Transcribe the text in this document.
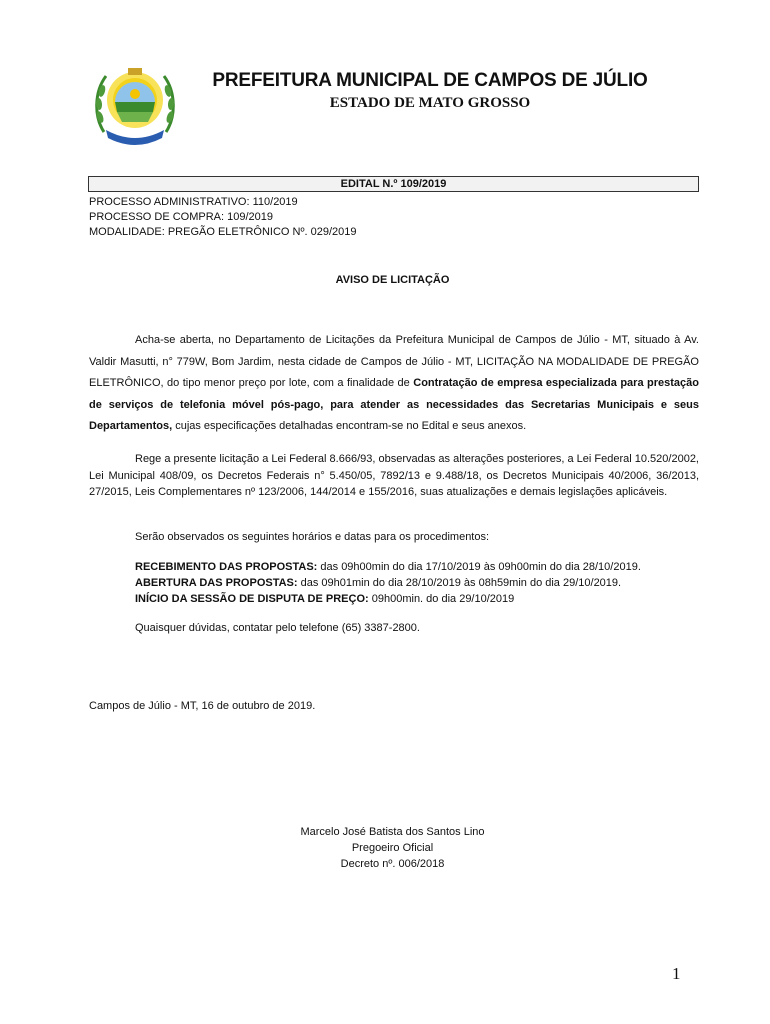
PREFEITURA MUNICIPAL DE CAMPOS DE JÚLIO
ESTADO DE MATO GROSSO
EDITAL N.º 109/2019
PROCESSO ADMINISTRATIVO: 110/2019
PROCESSO DE COMPRA: 109/2019
MODALIDADE: PREGÃO ELETRÔNICO Nº. 029/2019
AVISO DE LICITAÇÃO
Acha-se aberta, no Departamento de Licitações da Prefeitura Municipal de Campos de Júlio - MT, situado à Av. Valdir Masutti, n° 779W, Bom Jardim, nesta cidade de Campos de Júlio - MT, LICITAÇÃO NA MODALIDADE DE PREGÃO ELETRÔNICO, do tipo menor preço por lote, com a finalidade de Contratação de empresa especializada para prestação de serviços de telefonia móvel pós-pago, para atender as necessidades das Secretarias Municipais e seus Departamentos, cujas especificações detalhadas encontram-se no Edital e seus anexos.
Rege a presente licitação a Lei Federal 8.666/93, observadas as alterações posteriores, a Lei Federal 10.520/2002, Lei Municipal 408/09, os Decretos Federais n° 5.450/05, 7892/13 e 9.488/18, os Decretos Municipais 40/2006, 36/2013, 27/2015, Leis Complementares nº 123/2006, 144/2014 e 155/2016, suas atualizações e demais legislações aplicáveis.
Serão observados os seguintes horários e datas para os procedimentos:
RECEBIMENTO DAS PROPOSTAS: das 09h00min do dia 17/10/2019 às 09h00min do dia 28/10/2019.
ABERTURA DAS PROPOSTAS: das 09h01min do dia 28/10/2019 às 08h59min do dia 29/10/2019.
INÍCIO DA SESSÃO DE DISPUTA DE PREÇO: 09h00min. do dia 29/10/2019
Quaisquer dúvidas, contatar pelo telefone (65) 3387-2800.
Campos de Júlio - MT, 16 de outubro de 2019.
Marcelo José Batista dos Santos Lino
Pregoeiro Oficial
Decreto nº. 006/2018
1
